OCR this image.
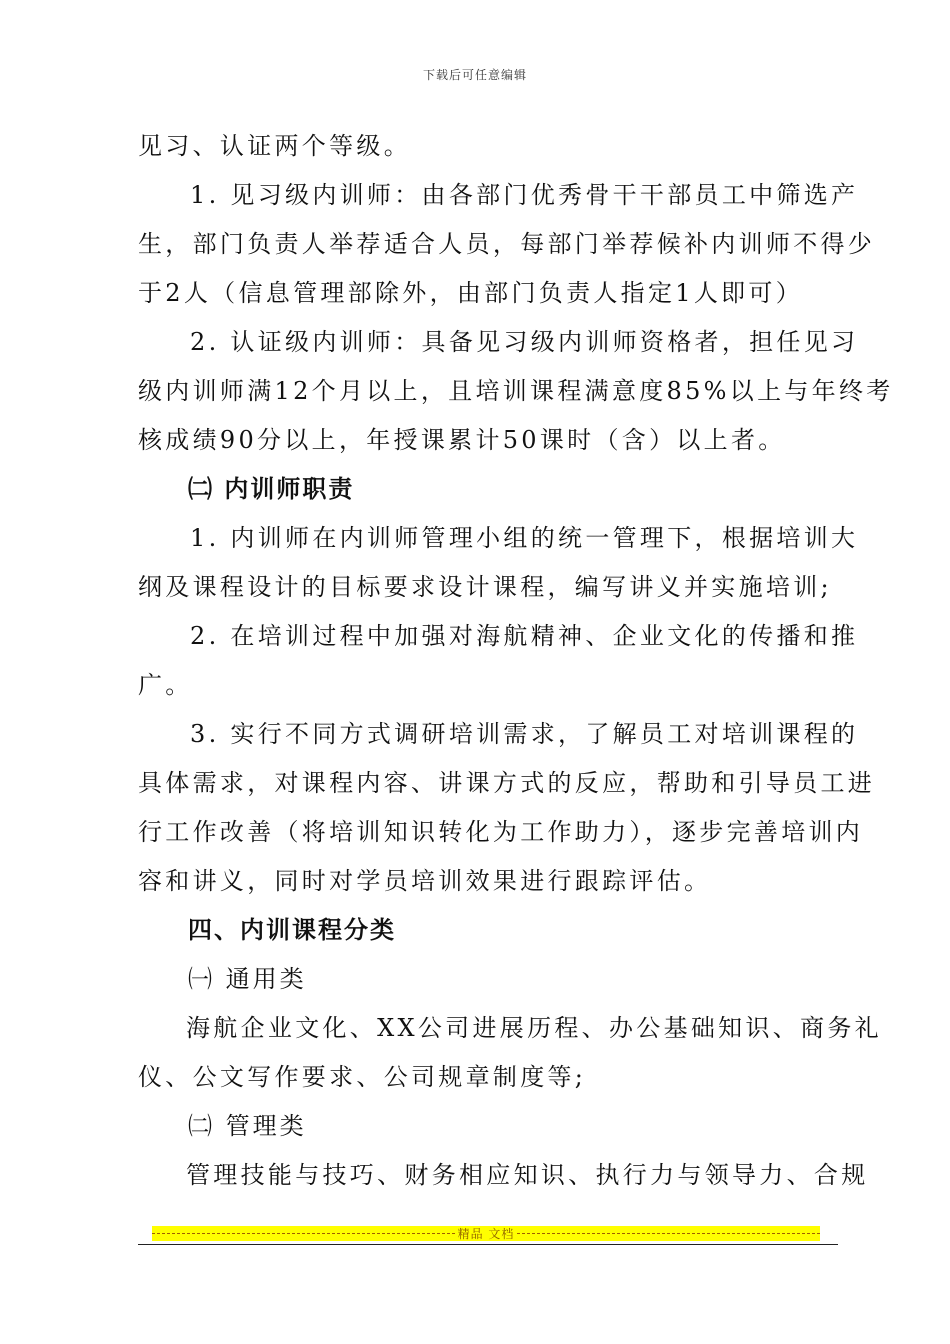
下载后可任意编辑

见习、认证两个等级。

1. 见习级内训师：由各部门优秀骨干干部员工中筛选产

生，部门负责人举荐适合人员，每部门举荐候补内训师不得少

于2人（信息管理部除外，由部门负责人指定1人即可）

2. 认证级内训师：具备见习级内训师资格者，担任见习

级内训师满12个月以上，且培训课程满意度85%以上与年终考

核成绩90分以上，年授课累计50课时（含）以上者。

㈡ 内训师职责

1. 内训师在内训师管理小组的统一管理下，根据培训大

纲及课程设计的目标要求设计课程，编写讲义并实施培训;

2. 在培训过程中加强对海航精神、企业文化的传播和推

广。

3. 实行不同方式调研培训需求，了解员工对培训课程的

具体需求，对课程内容、讲课方式的反应，帮助和引导员工进

行工作改善（将培训知识转化为工作助力），逐步完善培训内

容和讲义，同时对学员培训效果进行跟踪评估。

四、内训课程分类

㈠ 通用类

海航企业文化、XX公司进展历程、办公基础知识、商务礼

仪、公文写作要求、公司规章制度等;

㈡ 管理类

管理技能与技巧、财务相应知识、执行力与领导力、合规

精品 文档
